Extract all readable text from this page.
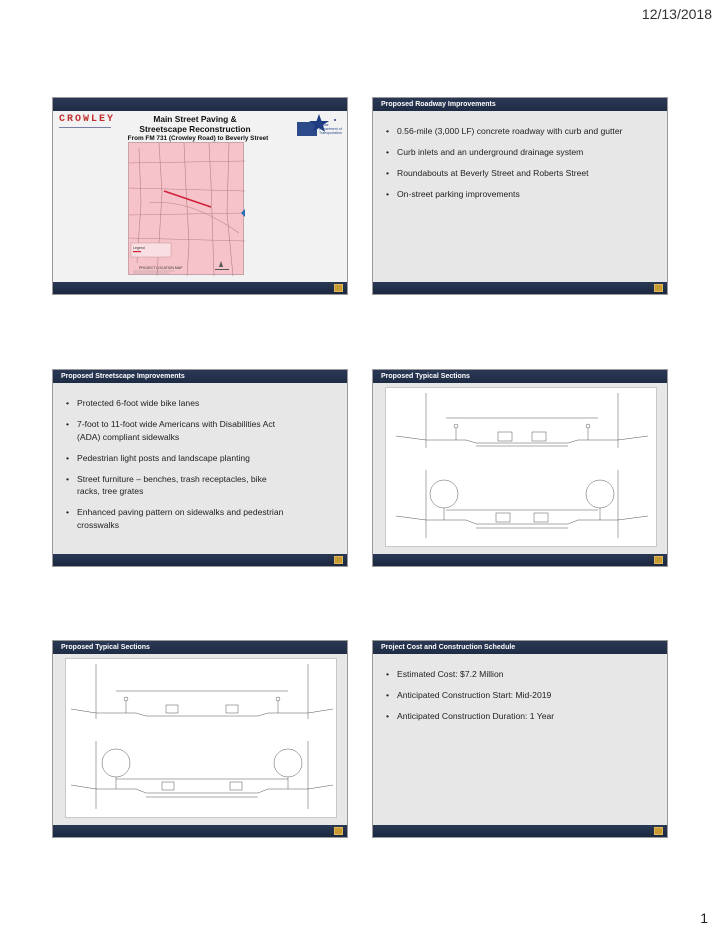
12/13/2018
CROWLEY	Main Street Paving &
Streetscape Reconstruction
From FM 731 (Crowley Road) to Beverly Street
Texas Department of Transportation
Legend
PROJECT LOCATION MAP
Proposed Roadway Improvements
• 0.56-mile (3,000 LF) concrete roadway with curb and gutter
• Curb inlets and an underground drainage system
• Roundabouts at Beverly Street and Roberts Street
• On-street parking improvements
Proposed Streetscape Improvements
• Protected 6-foot wide bike lanes
• 7-foot to 11-foot wide Americans with Disabilities Act (ADA) compliant sidewalks
• Pedestrian light posts and landscape planting
• Street furniture – benches, trash receptacles, bike racks, tree grates
• Enhanced paving pattern on sidewalks and pedestrian crosswalks
Proposed Typical Sections
Proposed Typical Sections	Project Cost and Construction Schedule
• Estimated Cost: $7.2 Million
• Anticipated Construction Start: Mid-2019
• Anticipated Construction Duration: 1 Year
1
